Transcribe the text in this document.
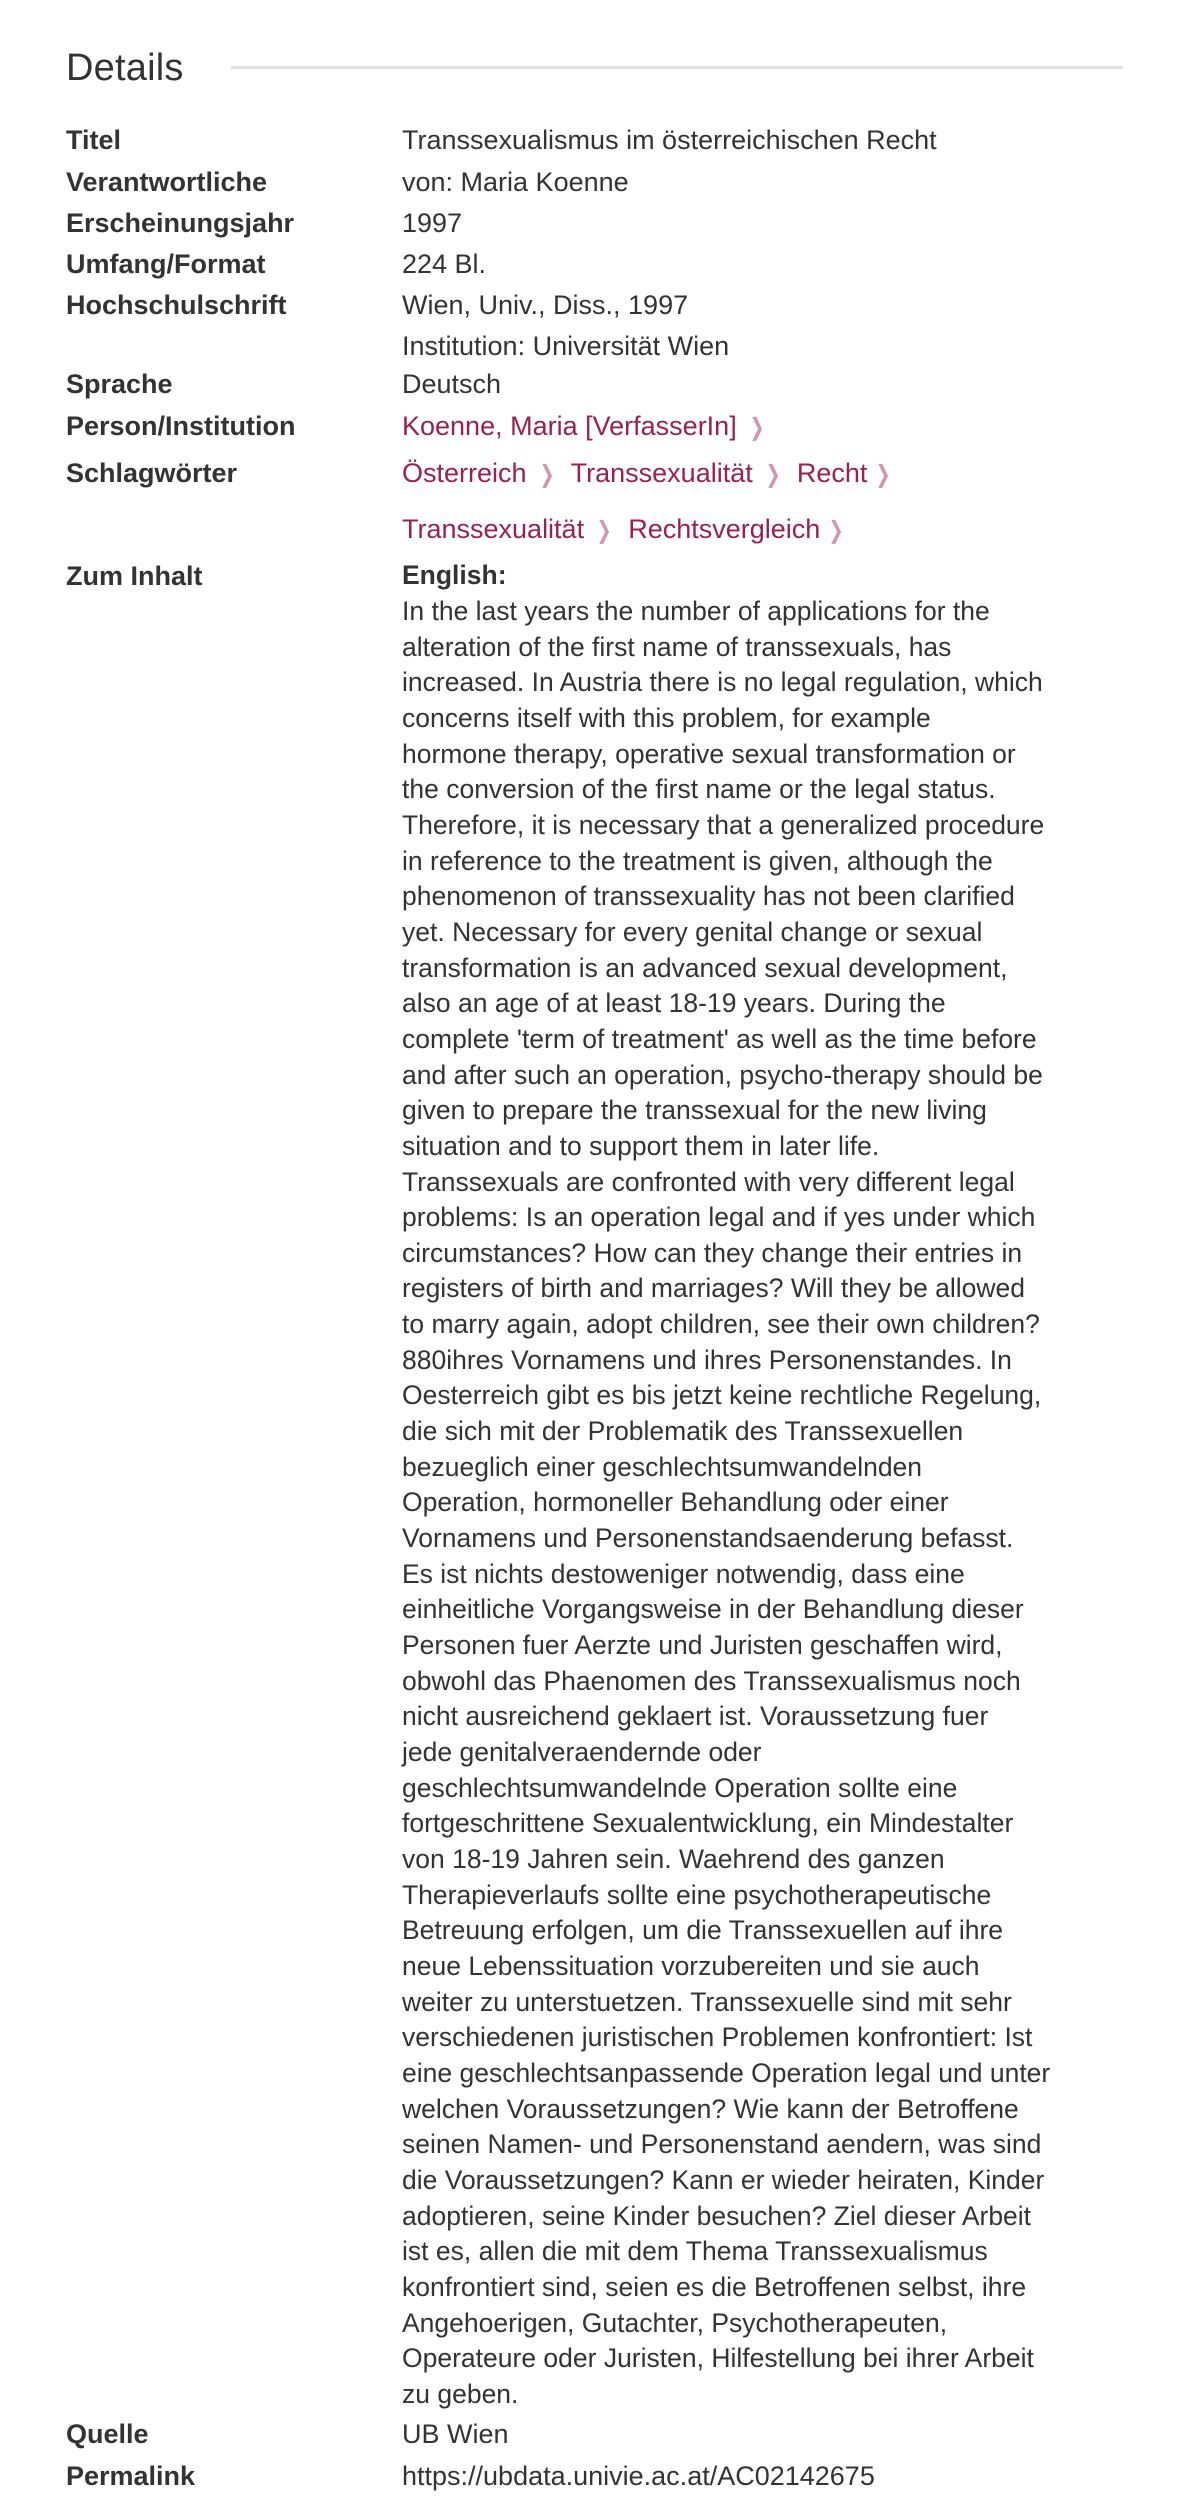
Details
Titel	Transsexualismus im österreichischen Recht
Verantwortliche	von: Maria Koenne
Erscheinungsjahr	1997
Umfang/Format	224 Bl.
Hochschulschrift	Wien, Univ., Diss., 1997
Institution: Universität Wien
Sprache	Deutsch
Person/Institution	Koenne, Maria [VerfasserIn] ❯
Schlagwörter	Österreich ❯ Transsexualität ❯ Recht ❯
Transsexualität ❯ Rechtsvergleich ❯
Zum Inhalt	English:
In the last years the number of applications for the
alteration of the first name of transsexuals, has
increased. In Austria there is no legal regulation, which
concerns itself with this problem, for example
hormone therapy, operative sexual transformation or
the conversion of the first name or the legal status.
Therefore, it is necessary that a generalized procedure
in reference to the treatment is given, although the
phenomenon of transsexuality has not been clarified
yet. Necessary for every genital change or sexual
transformation is an advanced sexual development,
also an age of at least 18-19 years. During the
complete 'term of treatment' as well as the time before
and after such an operation, psycho-therapy should be
given to prepare the transsexual for the new living
situation and to support them in later life.
Transsexuals are confronted with very different legal
problems: Is an operation legal and if yes under which
circumstances? How can they change their entries in
registers of birth and marriages? Will they be allowed
to marry again, adopt children, see their own children?
880ihres Vornamens und ihres Personenstandes. In
Oesterreich gibt es bis jetzt keine rechtliche Regelung,
die sich mit der Problematik des Transsexuellen
bezueglich einer geschlechtsumwandelnden
Operation, hormoneller Behandlung oder einer
Vornamens und Personenstandsaenderung befasst.
Es ist nichts destoweniger notwendig, dass eine
einheitliche Vorgangsweise in der Behandlung dieser
Personen fuer Aerzte und Juristen geschaffen wird,
obwohl das Phaenomen des Transsexualismus noch
nicht ausreichend geklaert ist. Voraussetzung fuer
jede genitalveraendernde oder
geschlechtsumwandelnde Operation sollte eine
fortgeschrittene Sexualentwicklung, ein Mindestalter
von 18-19 Jahren sein. Waehrend des ganzen
Therapieverlaufs sollte eine psychotherapeutische
Betreuung erfolgen, um die Transsexuellen auf ihre
neue Lebenssituation vorzubereiten und sie auch
weiter zu unterstuetzen. Transsexuelle sind mit sehr
verschiedenen juristischen Problemen konfrontiert: Ist
eine geschlechtsanpassende Operation legal und unter
welchen Voraussetzungen? Wie kann der Betroffene
seinen Namen- und Personenstand aendern, was sind
die Voraussetzungen? Kann er wieder heiraten, Kinder
adoptieren, seine Kinder besuchen? Ziel dieser Arbeit
ist es, allen die mit dem Thema Transsexualismus
konfrontiert sind, seien es die Betroffenen selbst, ihre
Angehoerigen, Gutachter, Psychotherapeuten,
Operateure oder Juristen, Hilfestellung bei ihrer Arbeit
zu geben.
Quelle	UB Wien
Permalink	https://ubdata.univie.ac.at/AC02142675
